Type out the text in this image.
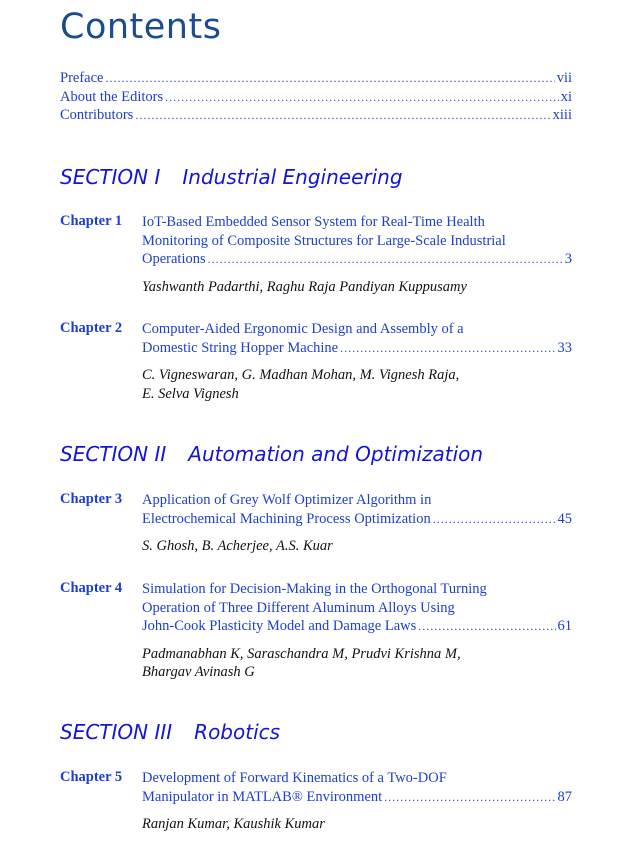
Contents
Preface .....	vii
About the Editors .....	xi
Contributors .....	xiii
SECTION I Industrial Engineering
Chapter 1 IoT-Based Embedded Sensor System for Real-Time Health
Monitoring of Composite Structures for Large-Scale Industrial
Operations .....	3
Yashwanth Padarthi, Raghu Raja Pandiyan Kuppusamy
Chapter 2 Computer-Aided Ergonomic Design and Assembly of a
Domestic String Hopper Machine .....	33
C. Vigneswaran, G. Madhan Mohan, M. Vignesh Raja,
E. Selva Vignesh
SECTION II Automation and Optimization
Chapter 3 Application of Grey Wolf Optimizer Algorithm in
Electrochemical Machining Process Optimization .....	45
S. Ghosh, B. Acherjee, A.S. Kuar
Chapter 4 Simulation for Decision-Making in the Orthogonal Turning
Operation of Three Different Aluminum Alloys Using
John-Cook Plasticity Model and Damage Laws .....	61
Padmanabhan K, Saraschandra M, Prudvi Krishna M,
Bhargav Avinash G
SECTION III Robotics
Chapter 5 Development of Forward Kinematics of a Two-DOF
Manipulator in MATLAB® Environment .....	87
Ranjan Kumar, Kaushik Kumar
